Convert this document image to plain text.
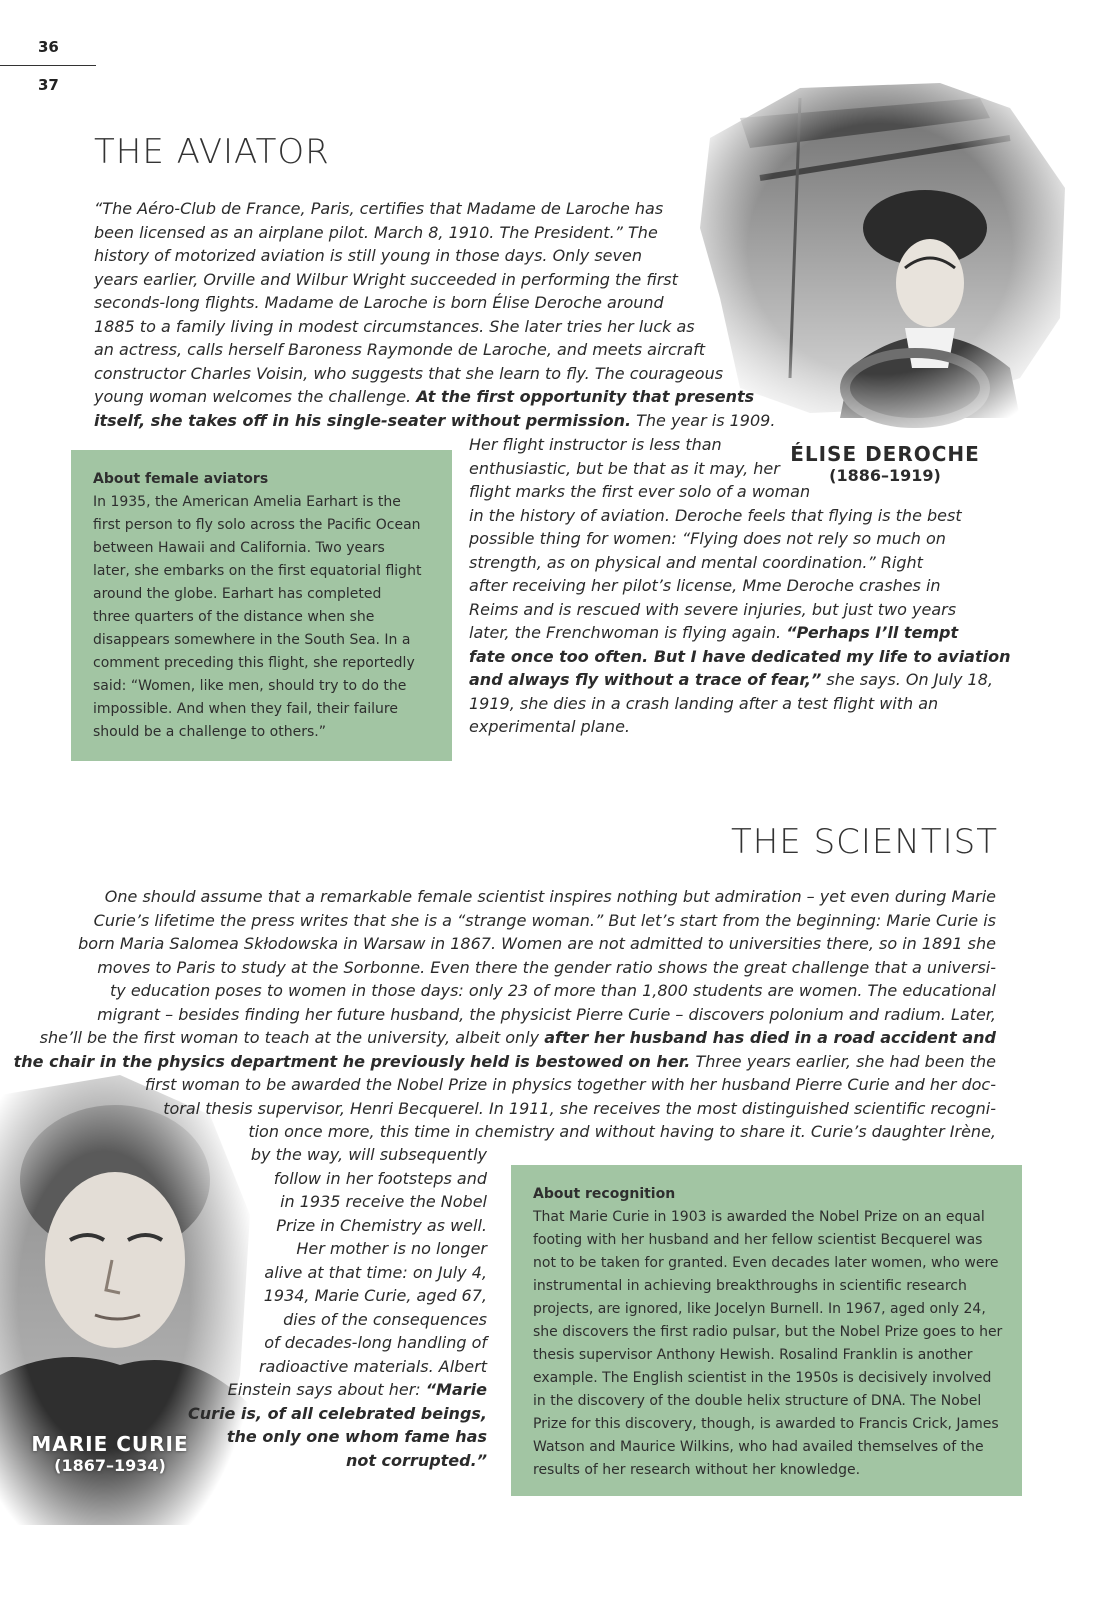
36
37
THE AVIATOR
ÉLISE DEROCHE
(1886–1919)
“The Aéro-Club de France, Paris, certifies that Madame de Laroche has
been licensed as an airplane pilot. March 8, 1910. The President.” The
history of motorized aviation is still young in those days. Only seven
years earlier, Orville and Wilbur Wright succeeded in performing the first
seconds-long flights. Madame de Laroche is born Élise Deroche around
1885 to a family living in modest circumstances. She later tries her luck as
an actress, calls herself Baroness Raymonde de Laroche, and meets aircraft
constructor Charles Voisin, who suggests that she learn to fly. The courageous
young woman welcomes the challenge. At the first opportunity that presents
itself, she takes off in his single-seater without permission. The year is 1909.
Her flight instructor is less than
enthusiastic, but be that as it may, her
flight marks the first ever solo of a woman
in the history of aviation. Deroche feels that flying is the best
possible thing for women: “Flying does not rely so much on
strength, as on physical and mental coordination.” Right
after receiving her pilot’s license, Mme Deroche crashes in
Reims and is rescued with severe injuries, but just two years
later, the Frenchwoman is flying again. “Perhaps I’ll tempt
fate once too often. But I have dedicated my life to aviation
and always fly without a trace of fear,” she says. On July 18,
1919, she dies in a crash landing after a test flight with an
experimental plane.
About female aviators
In 1935, the American Amelia Earhart is the
first person to fly solo across the Pacific Ocean
between Hawaii and California. Two years
later, she embarks on the first equatorial flight
around the globe. Earhart has completed
three quarters of the distance when she
disappears somewhere in the South Sea. In a
comment preceding this flight, she reportedly
said: “Women, like men, should try to do the
impossible. And when they fail, their failure
should be a challenge to others.”
THE SCIENTIST
MARIE CURIE
(1867–1934)
One should assume that a remarkable female scientist inspires nothing but admiration – yet even during Marie
Curie’s lifetime the press writes that she is a “strange woman.” But let’s start from the beginning: Marie Curie is
born Maria Salomea Skłodowska in Warsaw in 1867. Women are not admitted to universities there, so in 1891 she
moves to Paris to study at the Sorbonne. Even there the gender ratio shows the great challenge that a universi-
ty education poses to women in those days: only 23 of more than 1,800 students are women. The educational
migrant – besides finding her future husband, the physicist Pierre Curie – discovers polonium and radium. Later,
she’ll be the first woman to teach at the university, albeit only after her husband has died in a road accident and
the chair in the physics department he previously held is bestowed on her. Three years earlier, she had been the
first woman to be awarded the Nobel Prize in physics together with her husband Pierre Curie and her doc-
toral thesis supervisor, Henri Becquerel. In 1911, she receives the most distinguished scientific recogni-
tion once more, this time in chemistry and without having to share it. Curie’s daughter Irène,
by the way, will subsequently
follow in her footsteps and
in 1935 receive the Nobel
Prize in Chemistry as well.
Her mother is no longer
alive at that time: on July 4,
1934, Marie Curie, aged 67,
dies of the consequences
of decades-long handling of
radioactive materials. Albert
Einstein says about her: “Marie
Curie is, of all celebrated beings,
the only one whom fame has
not corrupted.”
About recognition
That Marie Curie in 1903 is awarded the Nobel Prize on an equal
footing with her husband and her fellow scientist Becquerel was
not to be taken for granted. Even decades later women, who were
instrumental in achieving breakthroughs in scientific research
projects, are ignored, like Jocelyn Burnell. In 1967, aged only 24,
she discovers the first radio pulsar, but the Nobel Prize goes to her
thesis supervisor Anthony Hewish. Rosalind Franklin is another
example. The English scientist in the 1950s is decisively involved
in the discovery of the double helix structure of DNA. The Nobel
Prize for this discovery, though, is awarded to Francis Crick, James
Watson and Maurice Wilkins, who had availed themselves of the
results of her research without her knowledge.
